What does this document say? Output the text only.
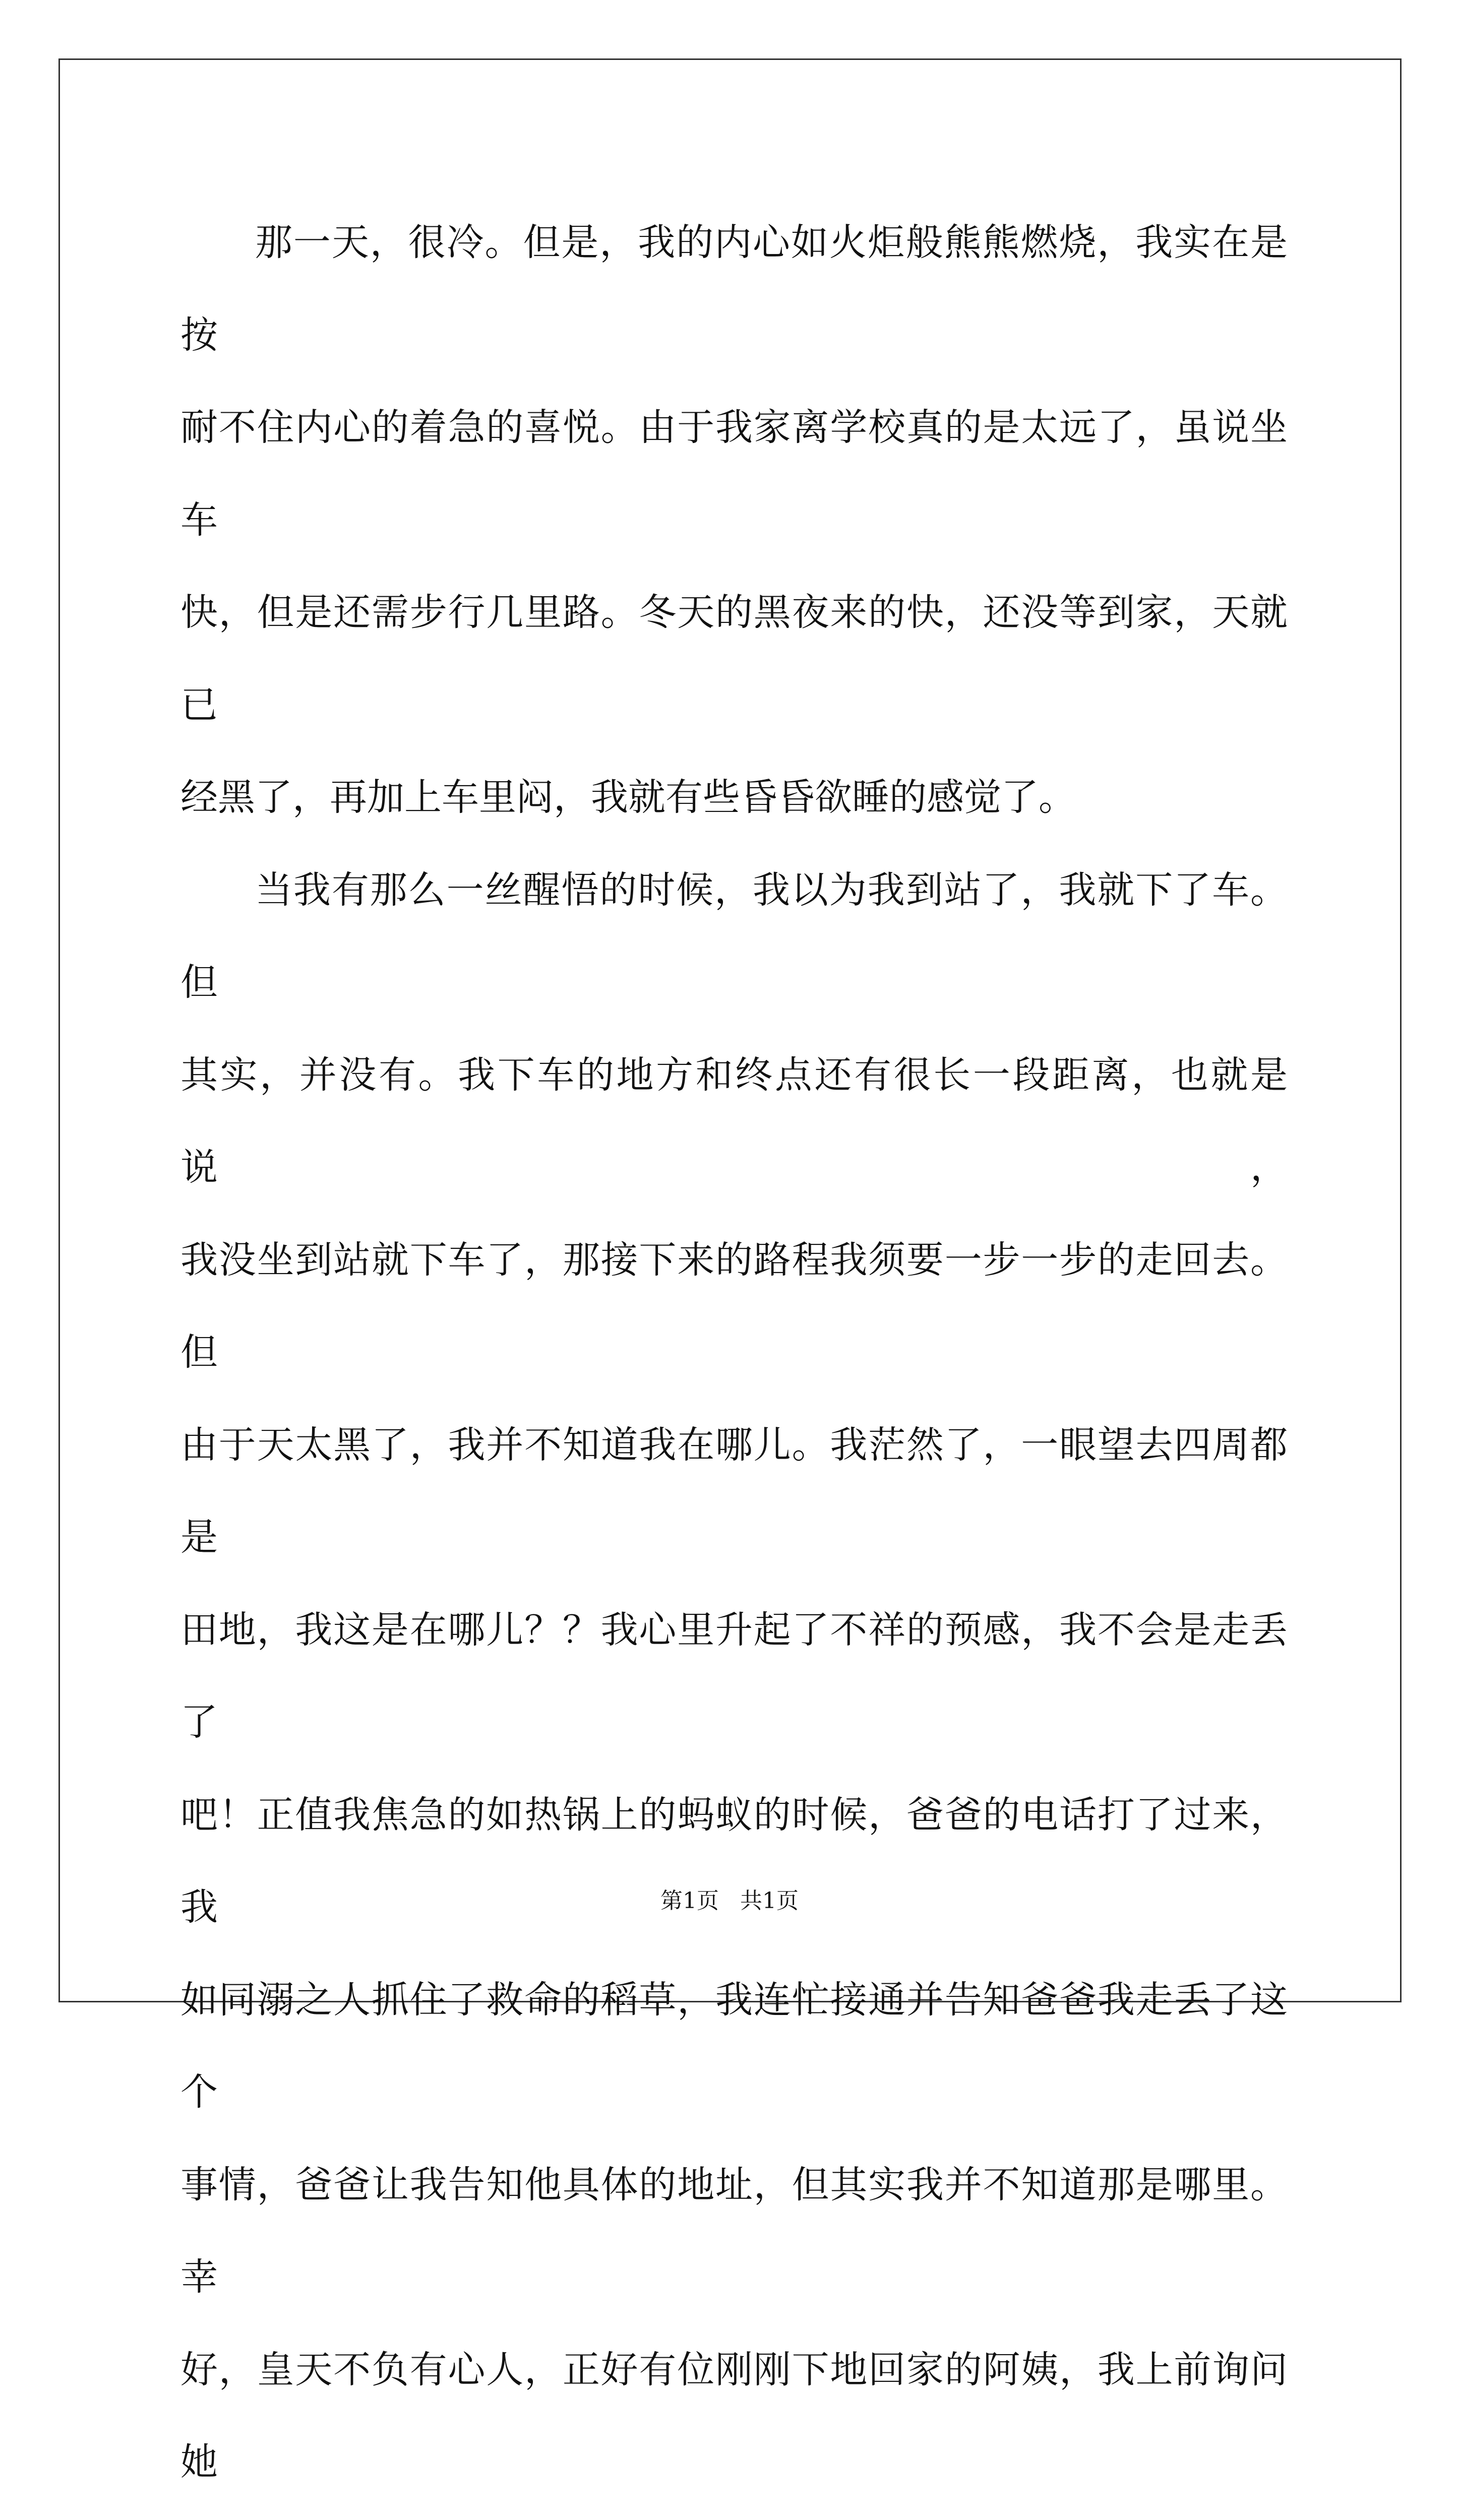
那一天，很冷。但是，我的内心如火炬般熊熊燃烧，我实在是按
耐不住内心的着急的喜悦。由于我家离学校真的是太远了，虽说坐车
快，但是还需步行几里路。冬天的黑夜来的快，还没等到家，天就已
经黑了，再加上车里闷，我就有些昏昏欲睡的感觉了。
当我有那么一丝醒悟的时候，我以为我到站了，我就下了车。但
其实，并没有。我下车的地方和终点还有很长一段距离，也就是说，
我没坐到站就下车了，那接下来的路程我须要一步一步的走回去。但
由于天太黑了，我并不知道我在哪儿。我茫然了，一眼望去四周都是
田地，我这是在哪儿？？我心里升起了不祥的预感，我不会是走丢了
吧！正值我焦急的如热锅上的蚂蚁的时候，爸爸的电话打了过来，我
如同溺之人抓住了救命的稻草，我连忙接通并告知爸爸我走丢了这个
事情，爸爸让我告知他具体的地址，但其实我并不知道那是哪里。幸
好，皇天不负有心人，正好有位刚刚下地回家的阿姨，我上前询问她
第1页 共1页
